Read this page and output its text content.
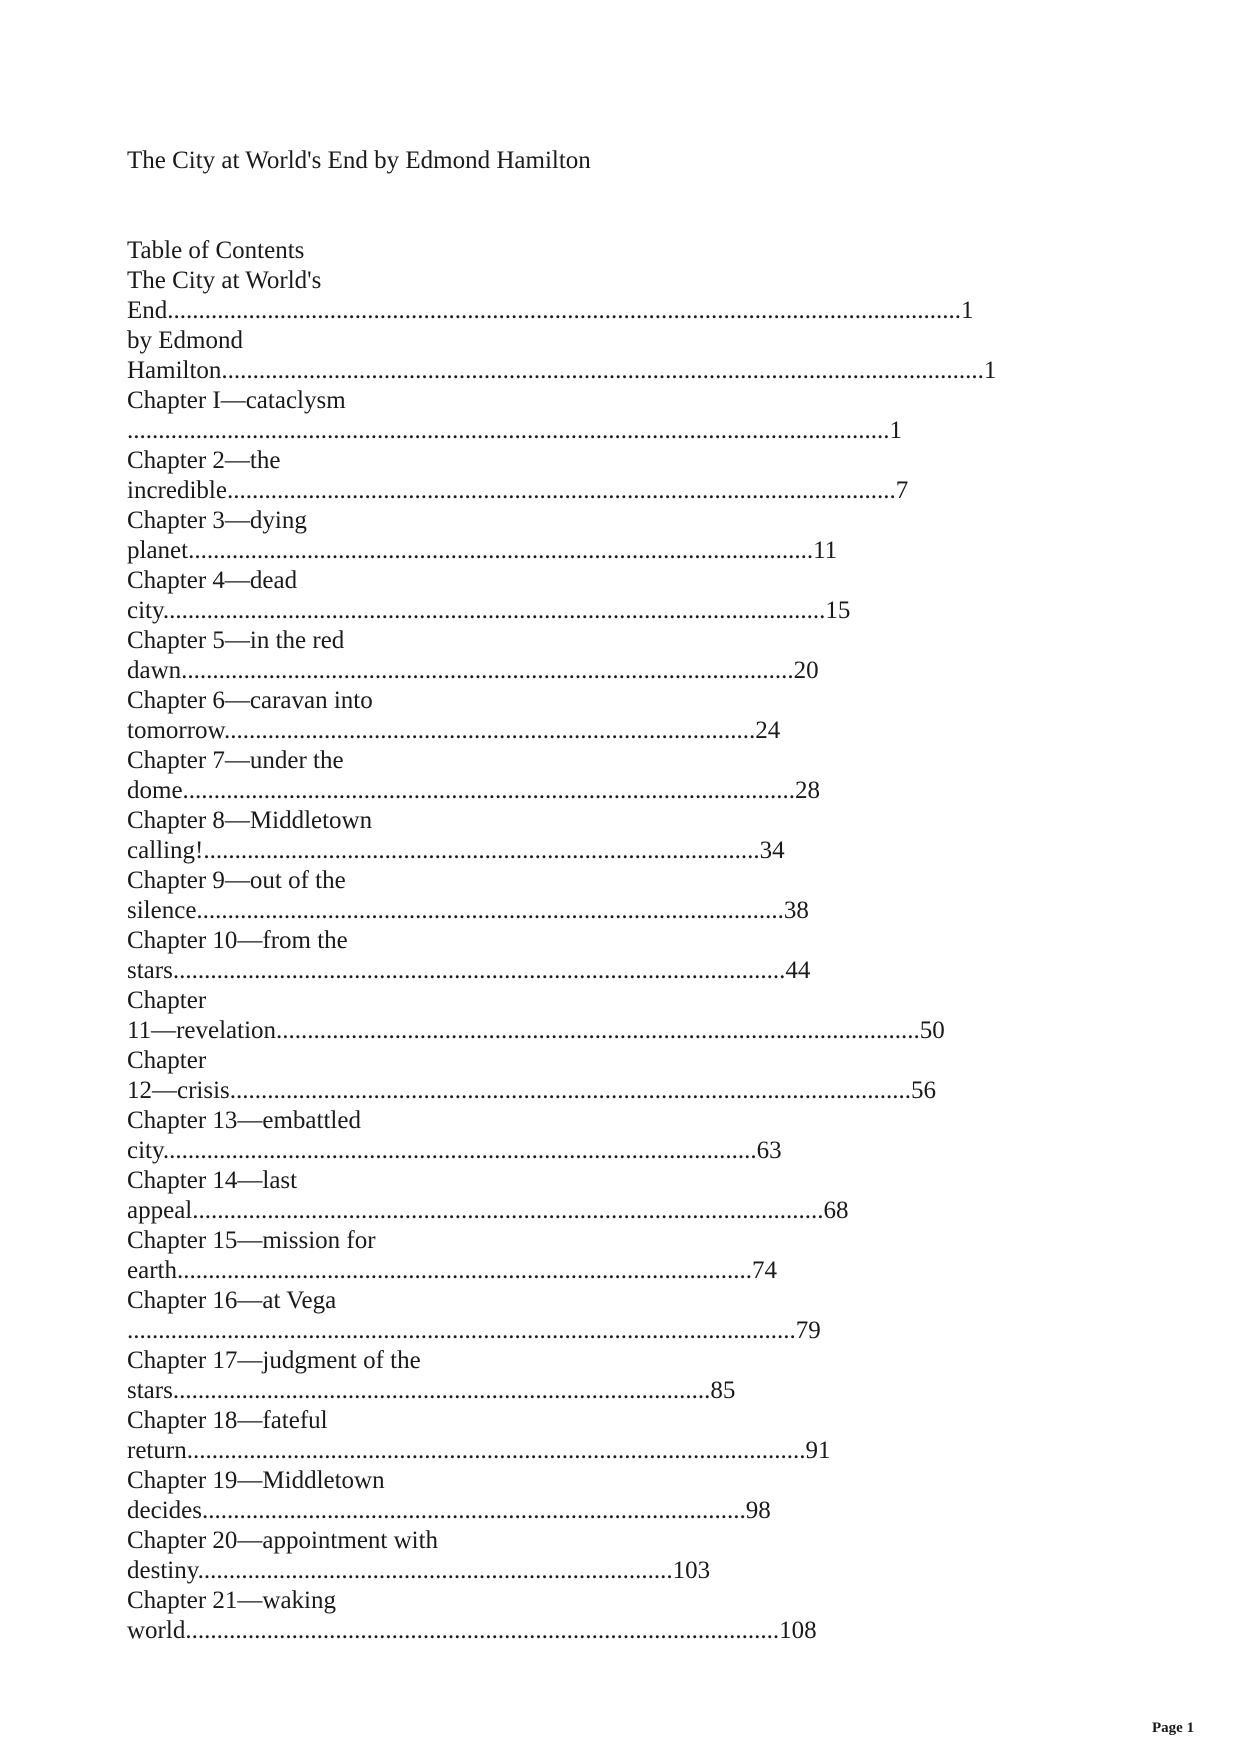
The City at World's End by Edmond Hamilton
Table of Contents
The City at World's
End...............................................................................................................................1
by Edmond
Hamilton..........................................................................................................................1
Chapter I—cataclysm
..........................................................................................................................1
Chapter 2—the
incredible...........................................................................................................7
Chapter 3—dying
planet....................................................................................................11
Chapter 4—dead
city..........................................................................................................15
Chapter 5—in the red
dawn..................................................................................................20
Chapter 6—caravan into
tomorrow.....................................................................................24
Chapter 7—under the
dome..................................................................................................28
Chapter 8—Middletown
calling!.........................................................................................34
Chapter 9—out of the
silence..............................................................................................38
Chapter 10—from the
stars..................................................................................................44
Chapter
11—revelation.......................................................................................................50
Chapter
12—crisis.............................................................................................................56
Chapter 13—embattled
city...............................................................................................63
Chapter 14—last
appeal.....................................................................................................68
Chapter 15—mission for
earth............................................................................................74
Chapter 16—at Vega
...........................................................................................................79
Chapter 17—judgment of the
stars......................................................................................85
Chapter 18—fateful
return...................................................................................................91
Chapter 19—Middletown
decides.......................................................................................98
Chapter 20—appointment with
destiny............................................................................103
Chapter 21—waking
world...............................................................................................108
Page 1
